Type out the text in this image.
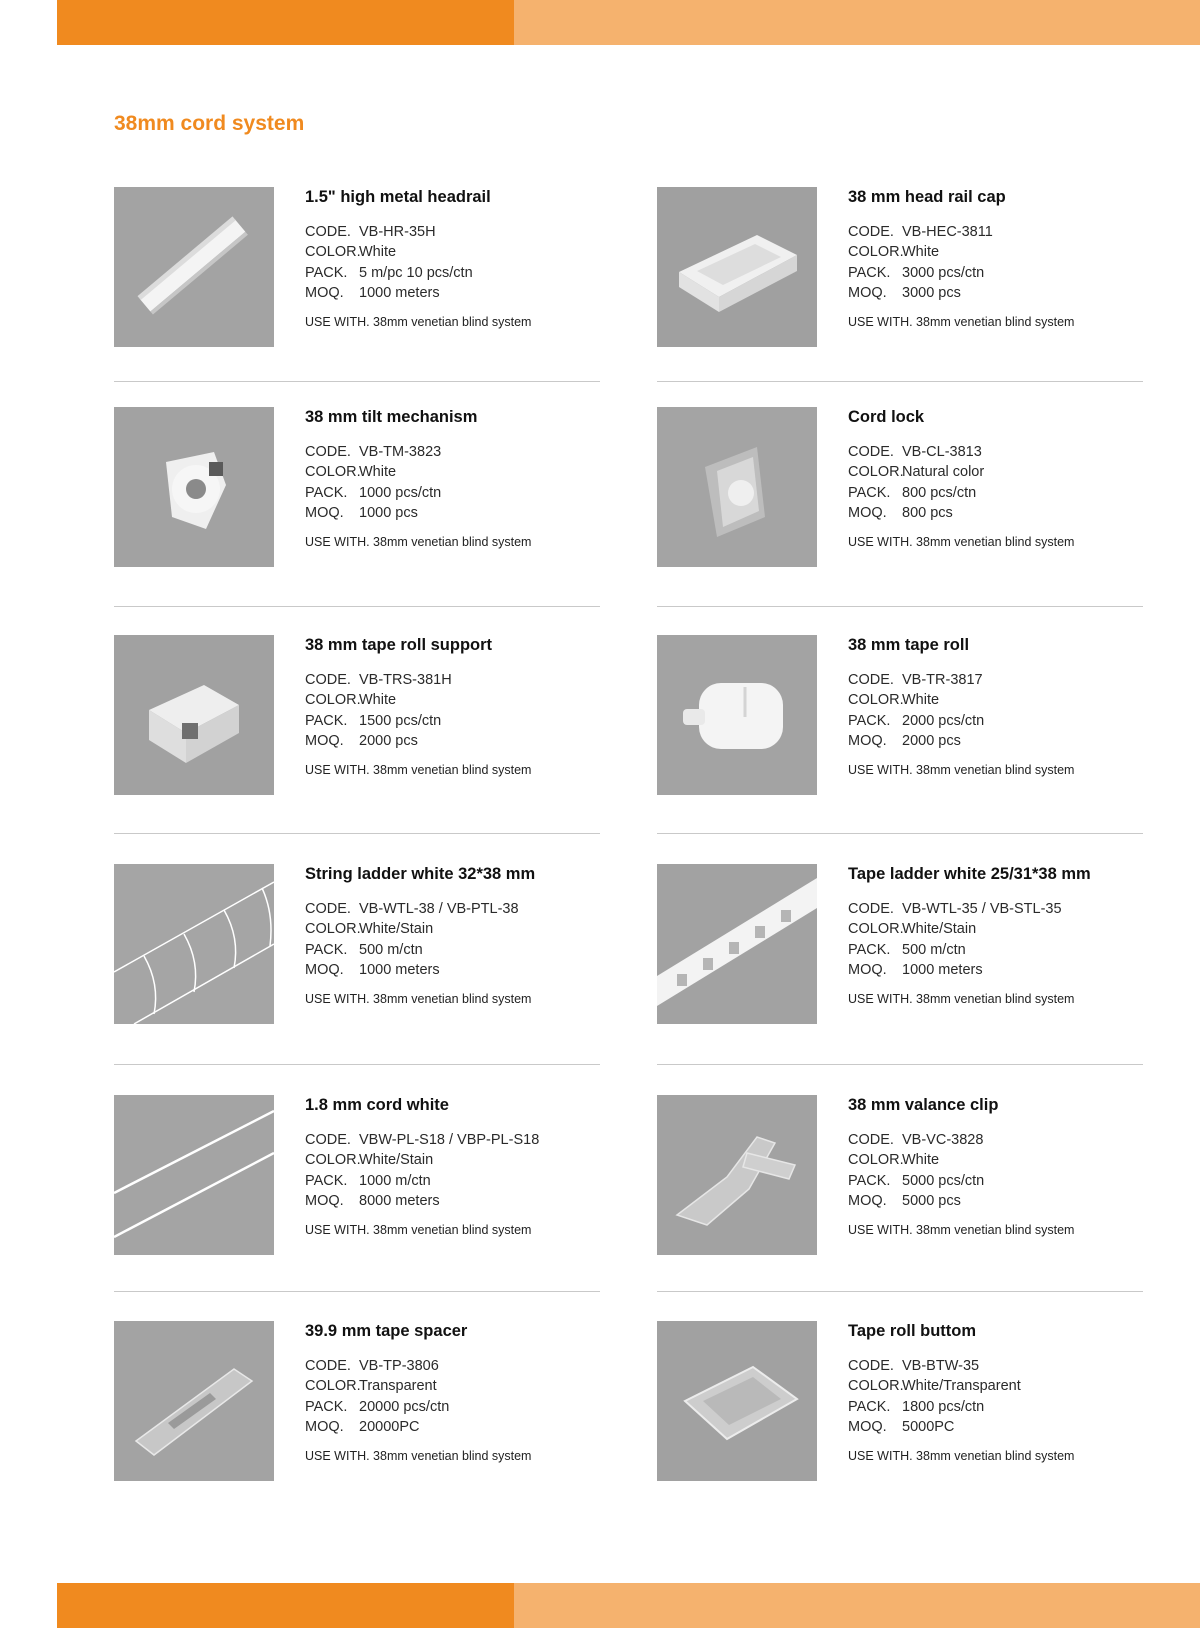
38mm cord system
1.5" high metal headrail
CODE. VB-HR-35H
COLOR.
White
PACK. 5 m/pc 10 pcs/ctn
MOQ.	1000 meters
USE WITH. 38mm venetian blind system
38 mm head rail cap
CODE. VB-HEC-3811
COLOR.
White
PACK. 3000 pcs/ctn
MOQ.	3000 pcs
USE WITH. 38mm venetian blind system
38 mm tilt mechanism
CODE. VB-TM-3823
COLOR.
White
PACK. 1000 pcs/ctn
MOQ.	1000 pcs
USE WITH. 38mm venetian blind system
Cord lock
CODE. VB-CL-3813
COLOR.
Natural color
PACK. 800 pcs/ctn
MOQ.	800 pcs
USE WITH. 38mm venetian blind system
38 mm tape roll support
CODE. VB-TRS-381H
COLOR.
White
PACK. 1500 pcs/ctn
MOQ.	2000 pcs
USE WITH. 38mm venetian blind system
38 mm tape roll
CODE. VB-TR-3817
COLOR.
White
PACK. 2000 pcs/ctn
MOQ.	2000 pcs
USE WITH. 38mm venetian blind system
String ladder white 32*38 mm
CODE. VB-WTL-38 / VB-PTL-38
COLOR.
White/Stain
PACK. 500 m/ctn
MOQ.	1000 meters
USE WITH. 38mm venetian blind system
Tape ladder white 25/31*38 mm
CODE. VB-WTL-35 / VB-STL-35
COLOR.
White/Stain
PACK. 500 m/ctn
MOQ.	1000 meters
USE WITH. 38mm venetian blind system
1.8 mm cord white
CODE. VBW-PL-S18 / VBP-PL-S18
COLOR.
White/Stain
PACK. 1000 m/ctn
MOQ.	8000 meters
USE WITH. 38mm venetian blind system
38 mm valance clip
CODE. VB-VC-3828
COLOR.
White
PACK. 5000 pcs/ctn
MOQ.	5000 pcs
USE WITH. 38mm venetian blind system
39.9 mm tape spacer
CODE. VB-TP-3806
COLOR.
Transparent
PACK. 20000 pcs/ctn
MOQ.	20000PC
USE WITH. 38mm venetian blind system
Tape roll buttom
CODE. VB-BTW-35
COLOR.
White/Transparent
PACK. 1800 pcs/ctn
MOQ.	5000PC
USE WITH. 38mm venetian blind system
